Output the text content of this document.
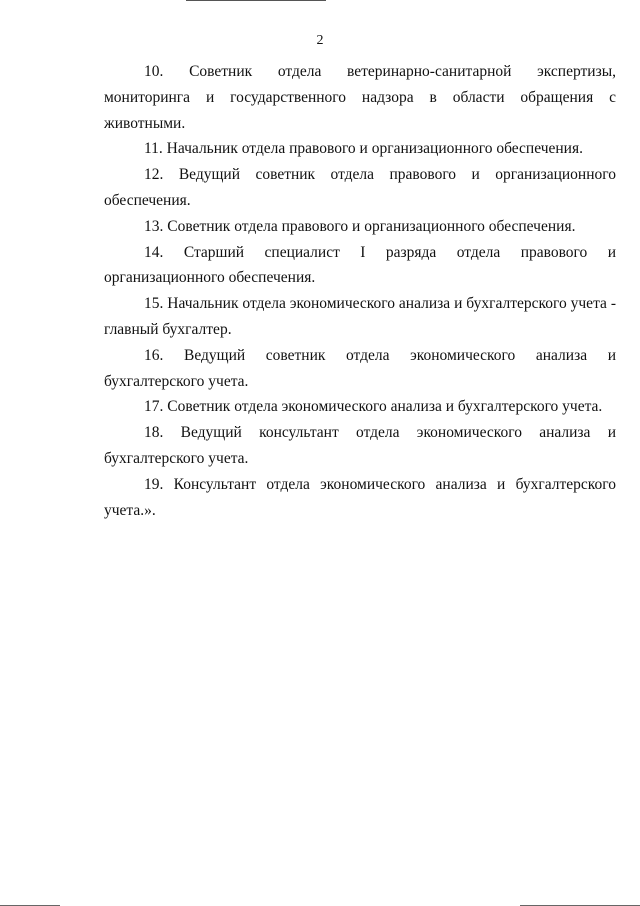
2

10. Советник отдела ветеринарно-санитарной экспертизы, мониторинга и государственного надзора в области обращения с животными.

11. Начальник отдела правового и организационного обеспечения.

12. Ведущий советник отдела правового и организационного обеспечения.

13. Советник отдела правового и организационного обеспечения.

14. Старший специалист I разряда отдела правового и организационного обеспечения.

15. Начальник отдела экономического анализа и бухгалтерского учета - главный бухгалтер.

16. Ведущий советник отдела экономического анализа и бухгалтерского учета.

17. Советник отдела экономического анализа и бухгалтерского учета.

18. Ведущий консультант отдела экономического анализа и бухгалтерского учета.

19. Консультант отдела экономического анализа и бухгалтерского учета.».
